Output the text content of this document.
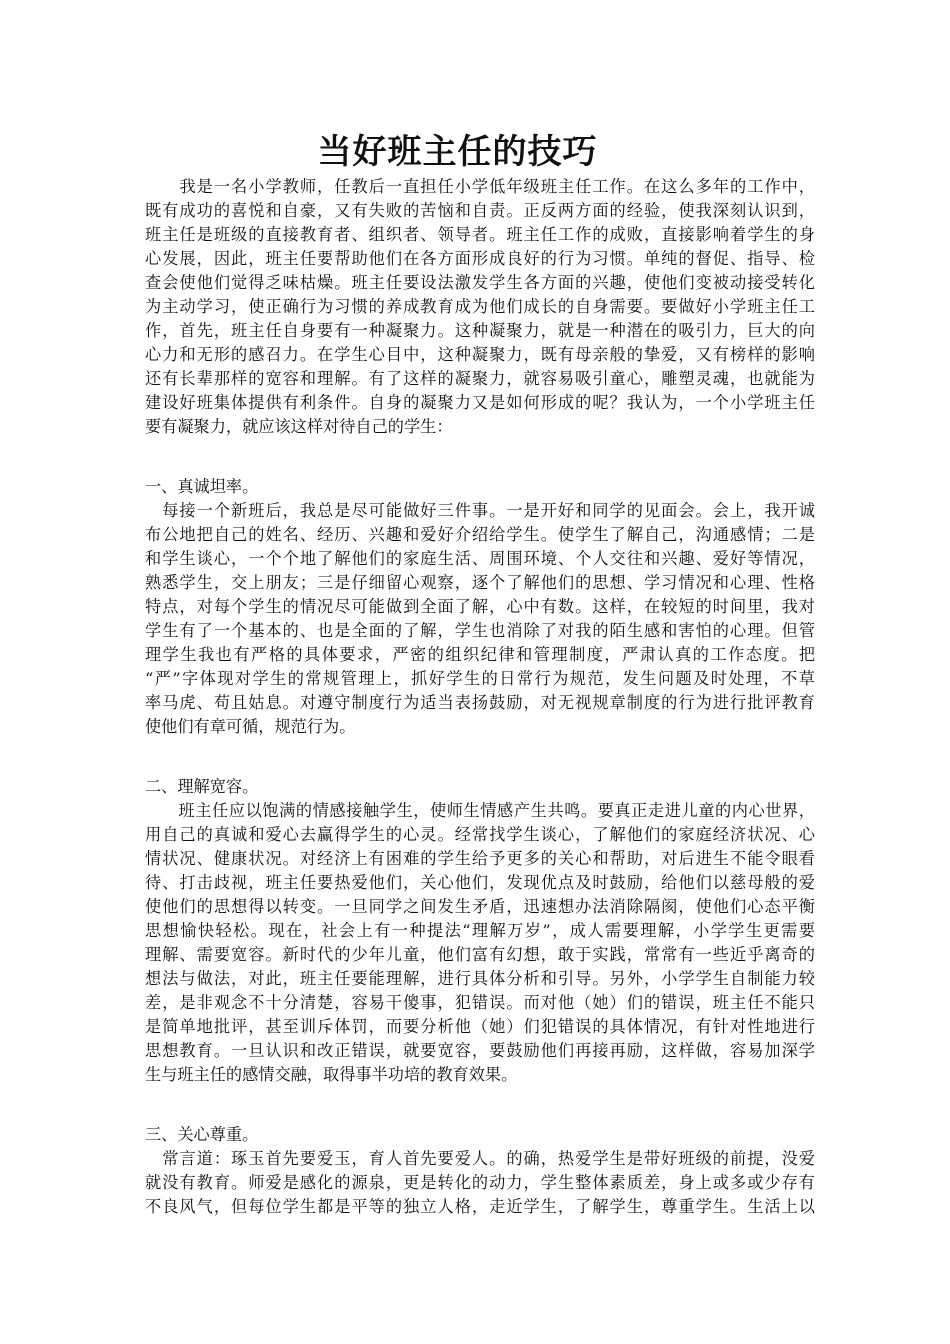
当好班主任的技巧
　　我是一名小学教师，任教后一直担任小学低年级班主任工作。在这么多年的工作中，
既有成功的喜悦和自豪，又有失败的苦恼和自责。正反两方面的经验，使我深刻认识到，
班主任是班级的直接教育者、组织者、领导者。班主任工作的成败，直接影响着学生的身
心发展，因此，班主任要帮助他们在各方面形成良好的行为习惯。单纯的督促、指导、检
查会使他们觉得乏味枯燥。班主任要设法激发学生各方面的兴趣，使他们变被动接受转化
为主动学习，使正确行为习惯的养成教育成为他们成长的自身需要。要做好小学班主任工
作，首先，班主任自身要有一种凝聚力。这种凝聚力，就是一种潜在的吸引力，巨大的向
心力和无形的感召力。在学生心目中，这种凝聚力，既有母亲般的挚爱，又有榜样的影响
还有长辈那样的宽容和理解。有了这样的凝聚力，就容易吸引童心，雕塑灵魂，也就能为
建设好班集体提供有利条件。自身的凝聚力又是如何形成的呢？我认为，一个小学班主任
要有凝聚力，就应该这样对待自己的学生：
一、真诚坦率。
　每接一个新班后，我总是尽可能做好三件事。一是开好和同学的见面会。会上，我开诚
布公地把自己的姓名、经历、兴趣和爱好介绍给学生。使学生了解自己，沟通感情；二是
和学生谈心，一个个地了解他们的家庭生活、周围环境、个人交往和兴趣、爱好等情况，
熟悉学生，交上朋友；三是仔细留心观察，逐个了解他们的思想、学习情况和心理、性格
特点，对每个学生的情况尽可能做到全面了解，心中有数。这样，在较短的时间里，我对
学生有了一个基本的、也是全面的了解，学生也消除了对我的陌生感和害怕的心理。但管
理学生我也有严格的具体要求，严密的组织纪律和管理制度，严肃认真的工作态度。把
“严”字体现对学生的常规管理上，抓好学生的日常行为规范，发生问题及时处理，不草
率马虎、苟且姑息。对遵守制度行为适当表扬鼓励，对无视规章制度的行为进行批评教育
使他们有章可循，规范行为。
二、理解宽容。
　　班主任应以饱满的情感接触学生，使师生情感产生共鸣。要真正走进儿童的内心世界，
用自己的真诚和爱心去赢得学生的心灵。经常找学生谈心，了解他们的家庭经济状况、心
情状况、健康状况。对经济上有困难的学生给予更多的关心和帮助，对后进生不能令眼看
待、打击歧视，班主任要热爱他们，关心他们，发现优点及时鼓励，给他们以慈母般的爱
使他们的思想得以转变。一旦同学之间发生矛盾，迅速想办法消除隔阂，使他们心态平衡
思想愉快轻松。现在，社会上有一种提法“理解万岁”，成人需要理解，小学学生更需要
理解、需要宽容。新时代的少年儿童，他们富有幻想，敢于实践，常常有一些近乎离奇的
想法与做法，对此，班主任要能理解，进行具体分析和引导。另外，小学学生自制能力较
差，是非观念不十分清楚，容易干傻事，犯错误。而对他（她）们的错误，班主任不能只
是简单地批评，甚至训斥体罚，而要分析他（她）们犯错误的具体情况，有针对性地进行
思想教育。一旦认识和改正错误，就要宽容，要鼓励他们再接再励，这样做，容易加深学
生与班主任的感情交融，取得事半功培的教育效果。
三、关心尊重。
　常言道：琢玉首先要爱玉，育人首先要爱人。的确，热爱学生是带好班级的前提，没爱
就没有教育。师爱是感化的源泉，更是转化的动力，学生整体素质差，身上或多或少存有
不良风气，但每位学生都是平等的独立人格，走近学生，了解学生，尊重学生。生活上以
